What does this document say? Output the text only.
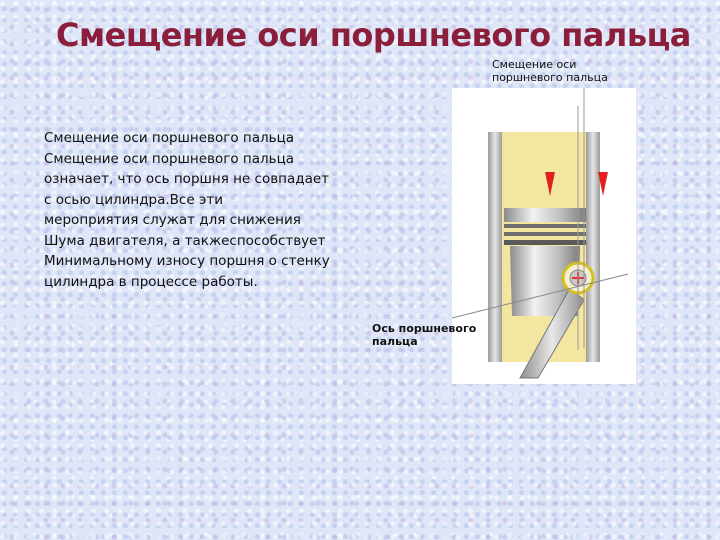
Смещение оси поршневого пальца
Смещение оси поршневого пальца
Смещение оси поршневого пальца
означает, что ось поршня не совпадает
с осью цилиндра.Все эти
мероприятия служат для снижения
Шума двигателя, а такжеспособствует
Минимальному износу поршня о стенку
цилиндра в процессе работы.
Смещение оси
поршневого пальца
Ось поршневого
пальца
